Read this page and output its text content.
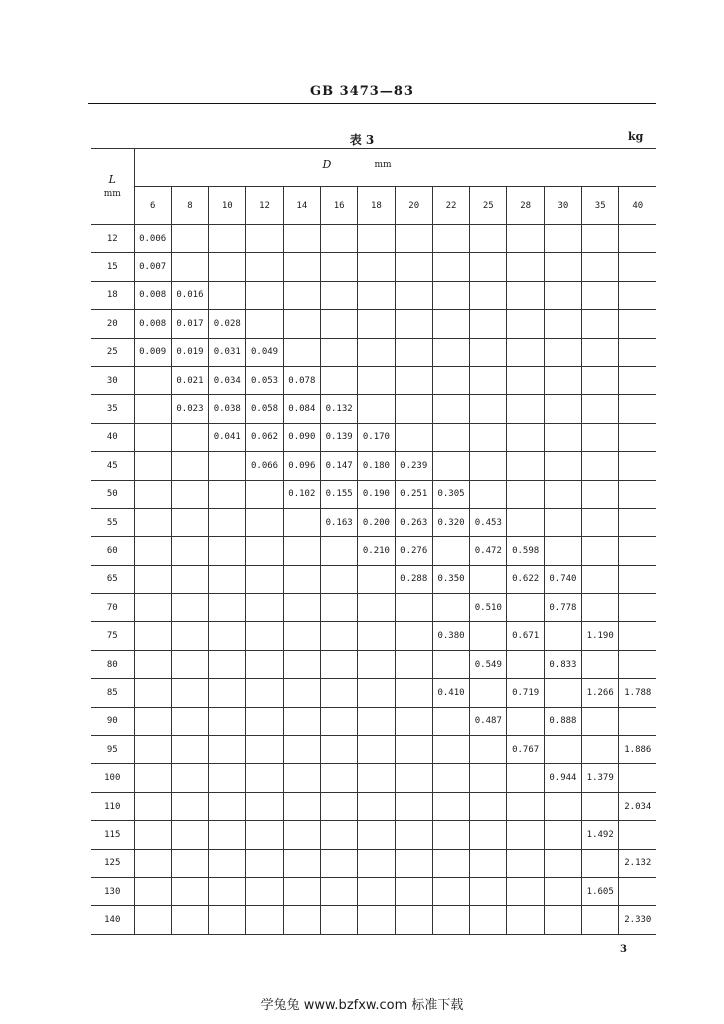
GB 3473—83
表 3	kg
L
mm	D mm													

	6	8	10	12	14	16	18	20	22	25	28	30	35	40
12	0.006													
15	0.007													
18	0.008	0.016												
20	0.008	0.017	0.028											
25	0.009	0.019	0.031	0.049										
30		0.021	0.034	0.053	0.078									
35		0.023	0.038	0.058	0.084	0.132								
40			0.041	0.062	0.090	0.139	0.170							
45				0.066	0.096	0.147	0.180	0.239						
50					0.102	0.155	0.190	0.251	0.305					
55						0.163	0.200	0.263	0.320	0.453				
60							0.210	0.276		0.472	0.598			
65								0.288	0.350		0.622	0.740		
70										0.510		0.778		
75									0.380		0.671		1.190	
80										0.549		0.833		
85									0.410		0.719		1.266	1.788
90										0.487		0.888		
95											0.767			1.886
100												0.944	1.379	
110														2.034
115													1.492	
125														2.132
130													1.605	
140														2.330
3
学兔兔 www.bzfxw.com 标准下载
